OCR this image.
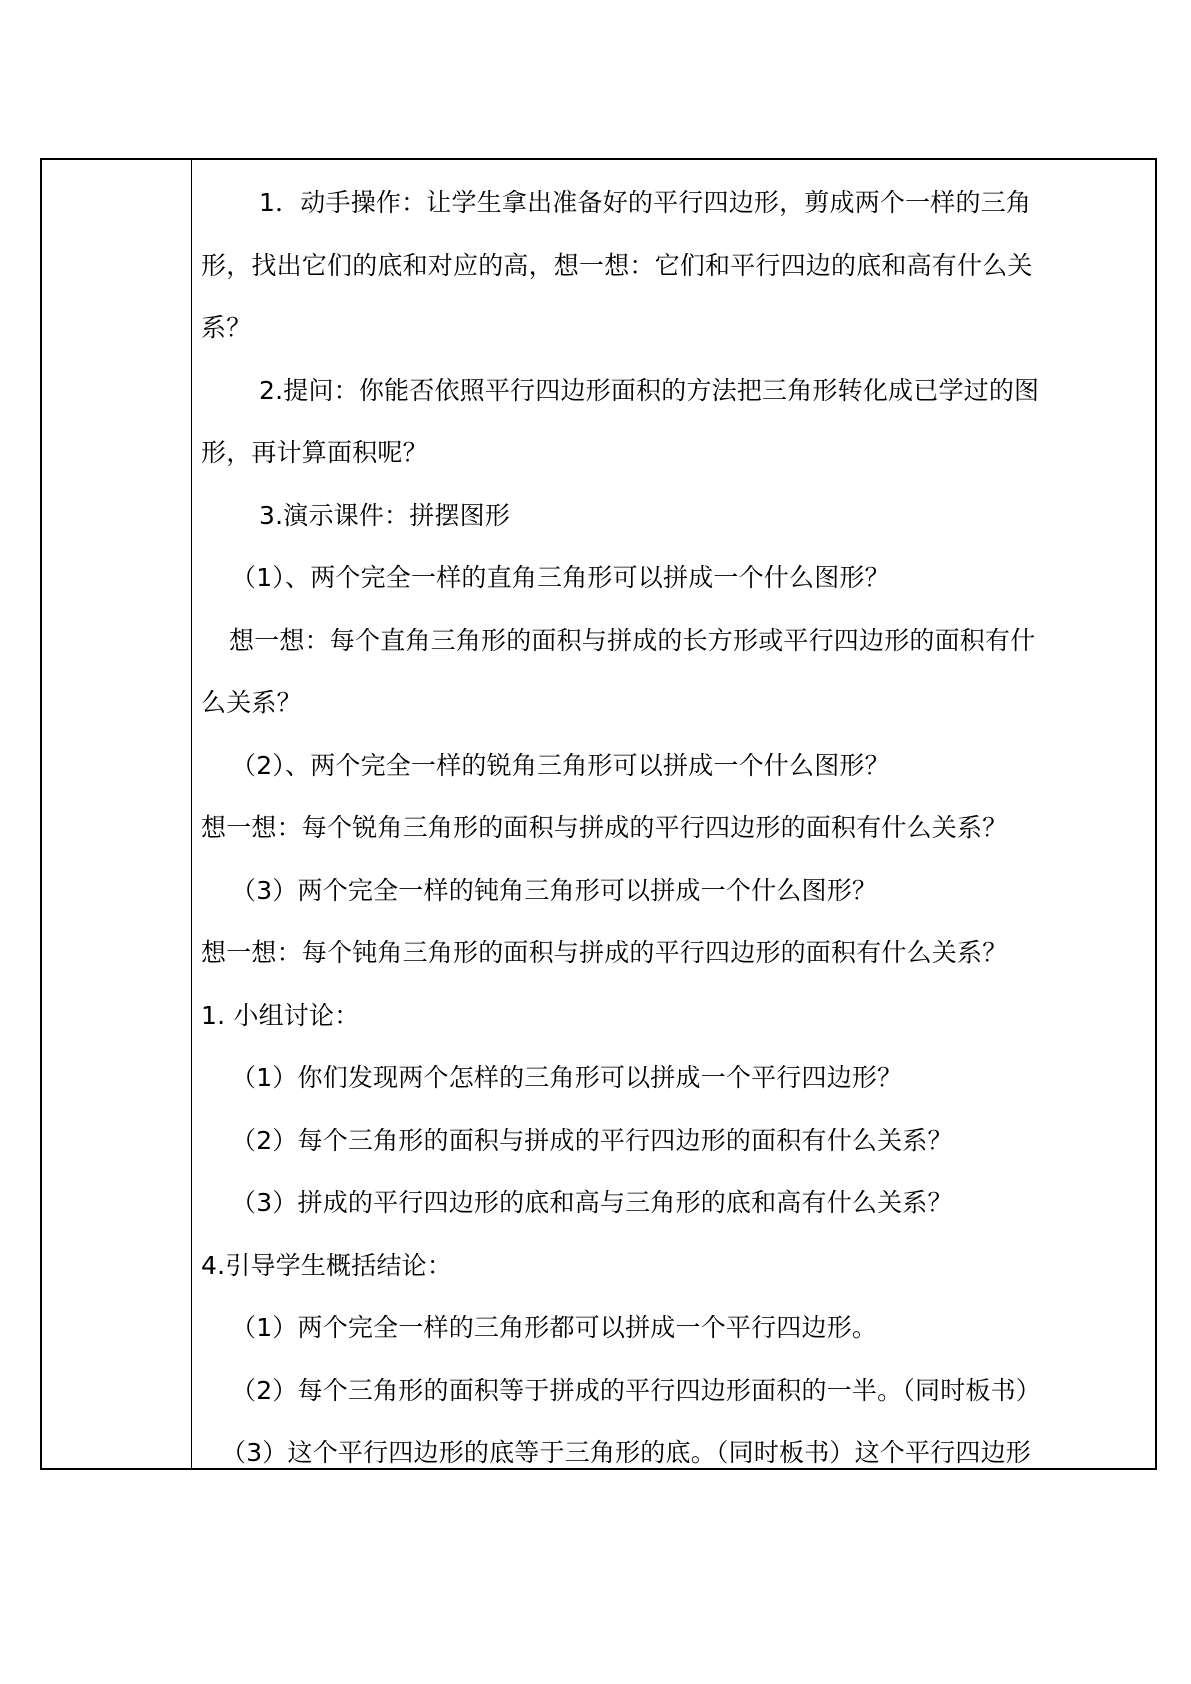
1．动手操作：让学生拿出准备好的平行四边形，剪成两个一样的三角
形，找出它们的底和对应的高，想一想：它们和平行四边的底和高有什么关
系？
2.提问：你能否依照平行四边形面积的方法把三角形转化成已学过的图
形，再计算面积呢？
3.演示课件：拼摆图形
（1）、两个完全一样的直角三角形可以拼成一个什么图形？
想一想：每个直角三角形的面积与拼成的长方形或平行四边形的面积有什
么关系？
（2）、两个完全一样的锐角三角形可以拼成一个什么图形？
想一想：每个锐角三角形的面积与拼成的平行四边形的面积有什么关系？
（3）两个完全一样的钝角三角形可以拼成一个什么图形？
想一想：每个钝角三角形的面积与拼成的平行四边形的面积有什么关系？
1. 小组讨论：
（1）你们发现两个怎样的三角形可以拼成一个平行四边形？
（2）每个三角形的面积与拼成的平行四边形的面积有什么关系？
（3）拼成的平行四边形的底和高与三角形的底和高有什么关系？
4.引导学生概括结论：
（1）两个完全一样的三角形都可以拼成一个平行四边形。
（2）每个三角形的面积等于拼成的平行四边形面积的一半。（同时板书）
（3）这个平行四边形的底等于三角形的底。（同时板书）这个平行四边形
